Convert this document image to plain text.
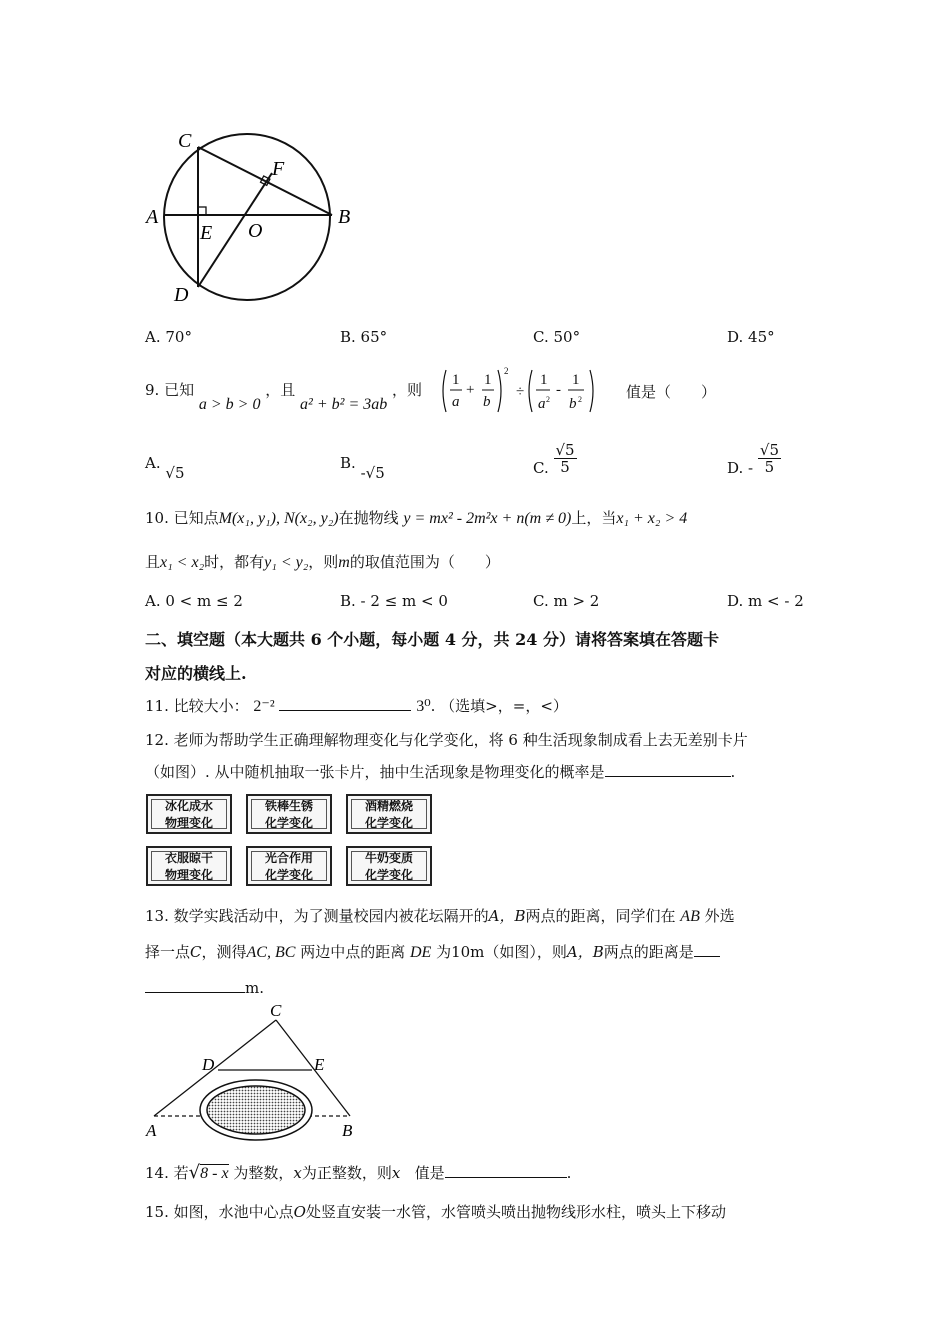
C
F
A
E O
B
D
A. 70°	B. 65°	C. 50°	D. 45°
9. 已知 a > b > 0 ，且 a² + b² = 3ab ，则
1
a
+
1
b
2
÷
1
a 2
-
1
b 2	值是（　　）
A. √5
B. -√5	C. $\frac{√5}{5}$	D. - $\frac{√5}{5}$
10. 已知点M(x₁, y₁), N(x₂, y₂)在抛物线 y = mx² - 2m²x + n(m ≠ 0)上，当x₁ + x₂ > 4
且x₁ < x₂时，都有y₁ < y₂，则m的取值范围为（　　）
A. 0 < m ≤ 2	B. - 2 ≤ m < 0	C. m > 2	D. m < - 2
二、填空题（本大题共 6 个小题，每小题 4 分，共 24 分）请将答案填在答题卡
对应的横线上.
11. 比较大小： 2⁻²	3⁰. （选填>，=，<）
12. 老师为帮助学生正确理解物理变化与化学变化，将 6 种生活现象制成看上去无差别卡片
（如图）. 从中随机抽取一张卡片，抽中生活现象是物理变化的概率是	.
冰化成水
物理变化
铁棒生锈
化学变化
酒精燃烧
化学变化
衣服晾干
物理变化
光合作用
化学变化
牛奶变质
化学变化
13. 数学实践活动中，为了测量校园内被花坛隔开的A，B两点的距离，同学们在 AB 外选
择一点C，测得AC, BC 两边中点的距离 DE 为10m（如图），则A，B两点的距离是
m.
C
D	E
A	B
14. 若√8 - x 为整数，x为正整数，则x 值是	.
15. 如图，水池中心点O处竖直安装一水管，水管喷头喷出抛物线形水柱，喷头上下移动
